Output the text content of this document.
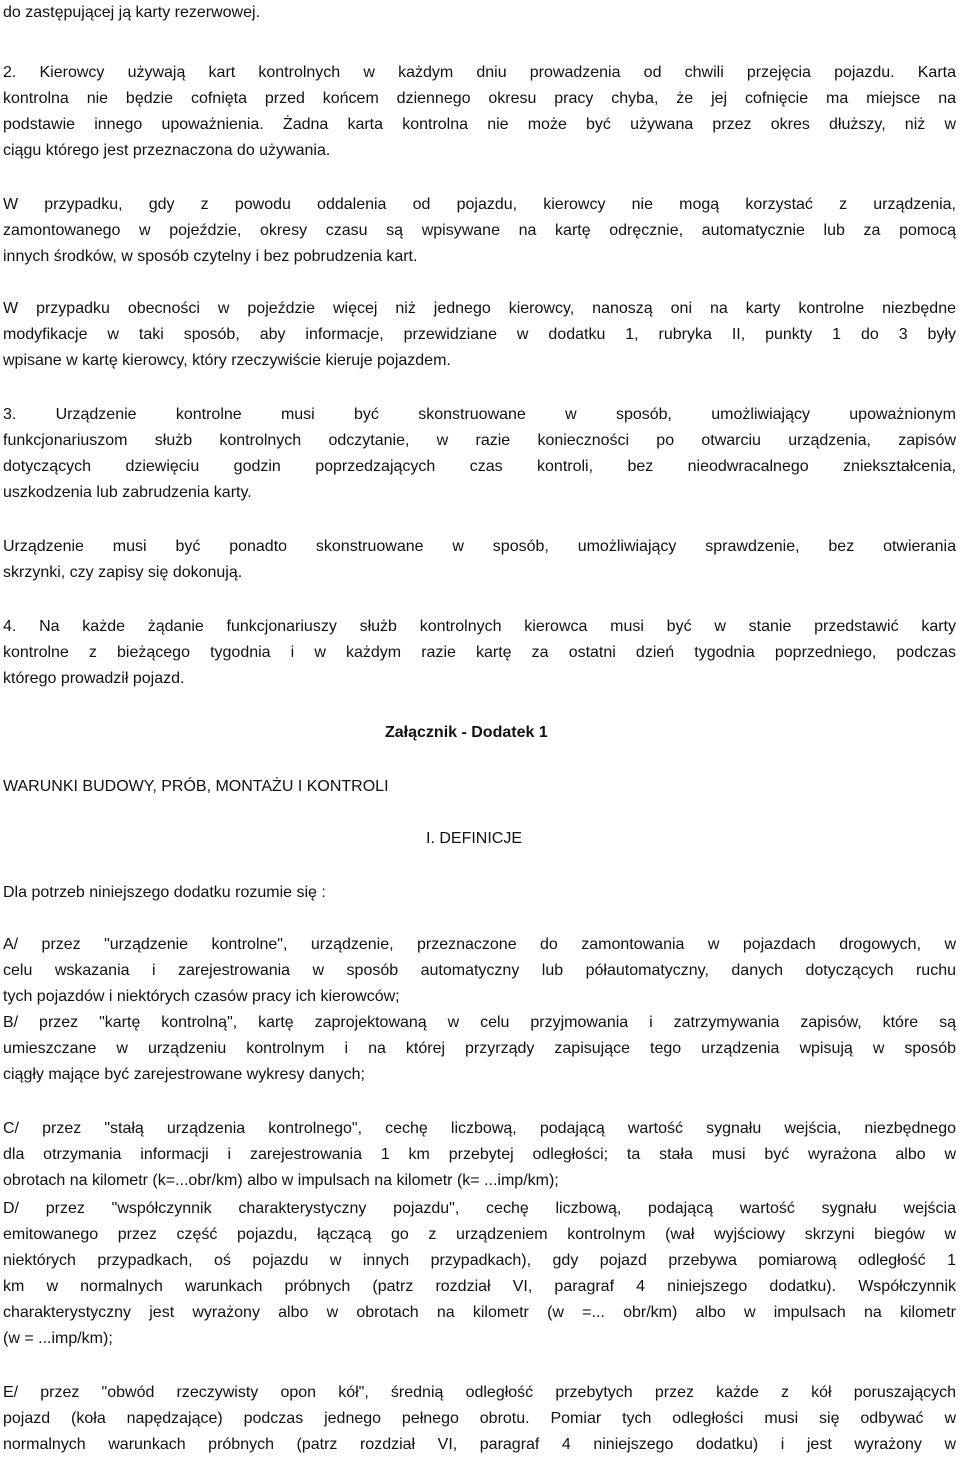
do zastępującej ją karty rezerwowej.
2. Kierowcy używają kart kontrolnych w każdym dniu prowadzenia od chwili przejęcia pojazdu. Karta
kontrolna nie będzie cofnięta przed końcem dziennego okresu pracy chyba, że jej cofnięcie ma miejsce na
podstawie innego upoważnienia. Żadna karta kontrolna nie może być używana przez okres dłuższy, niż w
ciągu którego jest przeznaczona do używania.
W przypadku, gdy z powodu oddalenia od pojazdu, kierowcy nie mogą korzystać z urządzenia,
zamontowanego w pojeździe, okresy czasu są wpisywane na kartę odręcznie, automatycznie lub za pomocą
innych środków, w sposób czytelny i bez pobrudzenia kart.
W przypadku obecności w pojeździe więcej niż jednego kierowcy, nanoszą oni na karty kontrolne niezbędne
modyfikacje w taki sposób, aby informacje, przewidziane w dodatku 1, rubryka II, punkty 1 do 3 były
wpisane w kartę kierowcy, który rzeczywiście kieruje pojazdem.
3. Urządzenie kontrolne musi być skonstruowane w sposób, umożliwiający upoważnionym
funkcjonariuszom służb kontrolnych odczytanie, w razie konieczności po otwarciu urządzenia, zapisów
dotyczących dziewięciu godzin poprzedzających czas kontroli, bez nieodwracalnego zniekształcenia,
uszkodzenia lub zabrudzenia karty.
Urządzenie musi być ponadto skonstruowane w sposób, umożliwiający sprawdzenie, bez otwierania
skrzynki, czy zapisy się dokonują.
4. Na każde żądanie funkcjonariuszy służb kontrolnych kierowca musi być w stanie przedstawić karty
kontrolne z bieżącego tygodnia i w każdym razie kartę za ostatni dzień tygodnia poprzedniego, podczas
którego prowadził pojazd.
Załącznik - Dodatek 1
WARUNKI BUDOWY, PRÓB, MONTAŻU I KONTROLI
I. DEFINICJE
Dla potrzeb niniejszego dodatku rozumie się :
A/ przez "urządzenie kontrolne", urządzenie, przeznaczone do zamontowania w pojazdach drogowych, w
celu wskazania i zarejestrowania w sposób automatyczny lub półautomatyczny, danych dotyczących ruchu
tych pojazdów i niektórych czasów pracy ich kierowców;
B/ przez "kartę kontrolną", kartę zaprojektowaną w celu przyjmowania i zatrzymywania zapisów, które są
umieszczane w urządzeniu kontrolnym i na której przyrządy zapisujące tego urządzenia wpisują w sposób
ciągły mające być zarejestrowane wykresy danych;
C/ przez "stałą urządzenia kontrolnego", cechę liczbową, podającą wartość sygnału wejścia, niezbędnego
dla otrzymania informacji i zarejestrowania 1 km przebytej odległości; ta stała musi być wyrażona albo w
obrotach na kilometr (k=...obr/km) albo w impulsach na kilometr (k= ...imp/km);
D/ przez "współczynnik charakterystyczny pojazdu", cechę liczbową, podającą wartość sygnału wejścia
emitowanego przez część pojazdu, łączącą go z urządzeniem kontrolnym (wał wyjściowy skrzyni biegów w
niektórych przypadkach, oś pojazdu w innych przypadkach), gdy pojazd przebywa pomiarową odległość 1
km w normalnych warunkach próbnych (patrz rozdział VI, paragraf 4 niniejszego dodatku). Współczynnik
charakterystyczny jest wyrażony albo w obrotach na kilometr (w =... obr/km) albo w impulsach na kilometr
(w = ...imp/km);
E/ przez "obwód rzeczywisty opon kół", średnią odległość przebytych przez każde z kół poruszających
pojazd (koła napędzające) podczas jednego pełnego obrotu. Pomiar tych odległości musi się odbywać w
normalnych warunkach próbnych (patrz rozdział VI, paragraf 4 niniejszego dodatku) i jest wyrażony w
